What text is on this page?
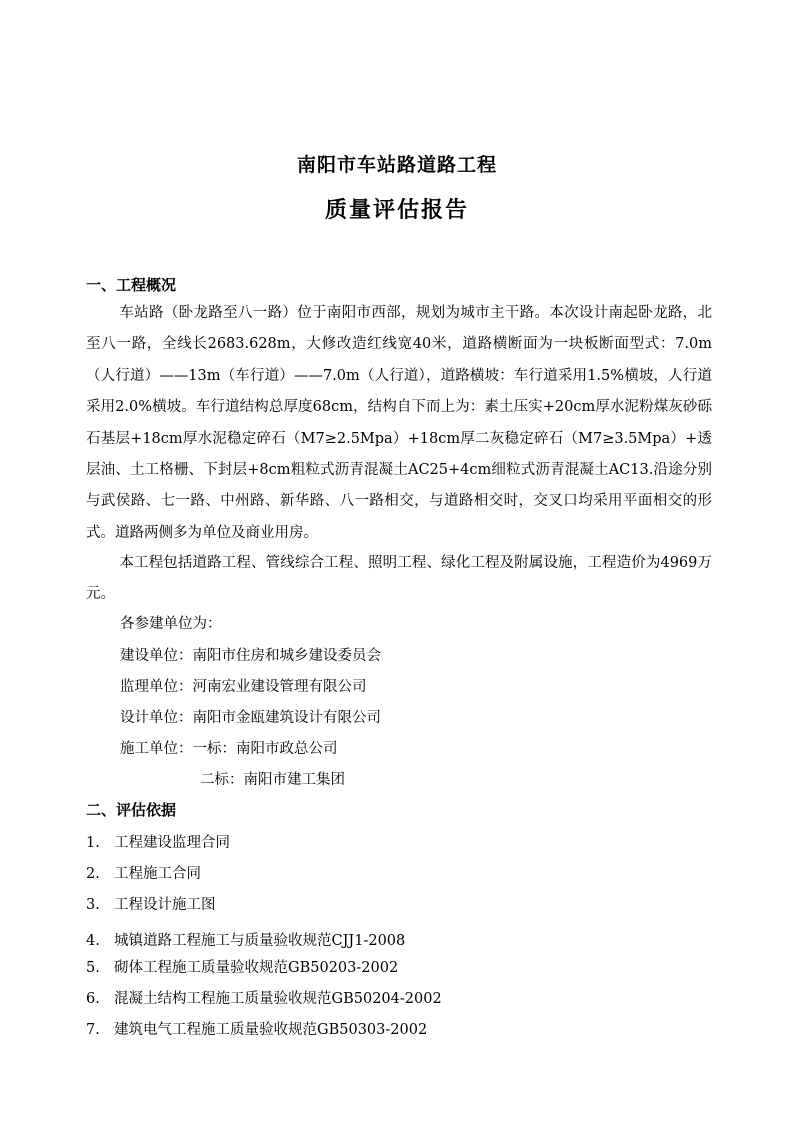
南阳市车站路道路工程
质量评估报告
一、工程概况
车站路（卧龙路至八一路）位于南阳市西部，规划为城市主干路。本次设计南起卧龙路，北至八一路，全线长2683.628m，大修改造红线宽40米，道路横断面为一块板断面型式：7.0m（人行道）——13m（车行道）——7.0m（人行道），道路横坡：车行道采用1.5%横坡，人行道采用2.0%横坡。车行道结构总厚度68cm，结构自下而上为：素土压实+20cm厚水泥粉煤灰砂砾石基层+18cm厚水泥稳定碎石（M7≥2.5Mpa）+18cm厚二灰稳定碎石（M7≥3.5Mpa）+透层油、土工格栅、下封层+8cm粗粒式沥青混凝土AC25+4cm细粒式沥青混凝土AC13.沿途分别与武侯路、七一路、中州路、新华路、八一路相交，与道路相交时，交叉口均采用平面相交的形式。道路两侧多为单位及商业用房。
本工程包括道路工程、管线综合工程、照明工程、绿化工程及附属设施，工程造价为4969万元。
各参建单位为：
建设单位：南阳市住房和城乡建设委员会
监理单位：河南宏业建设管理有限公司
设计单位：南阳市金瓯建筑设计有限公司
施工单位：一标：南阳市政总公司
二标：南阳市建工集团
二、评估依据
1. 工程建设监理合同
2. 工程施工合同
3. 工程设计施工图
4. 城镇道路工程施工与质量验收规范CJJ1-2008
5. 砌体工程施工质量验收规范GB50203-2002
6. 混凝土结构工程施工质量验收规范GB50204-2002
7. 建筑电气工程施工质量验收规范GB50303-2002
